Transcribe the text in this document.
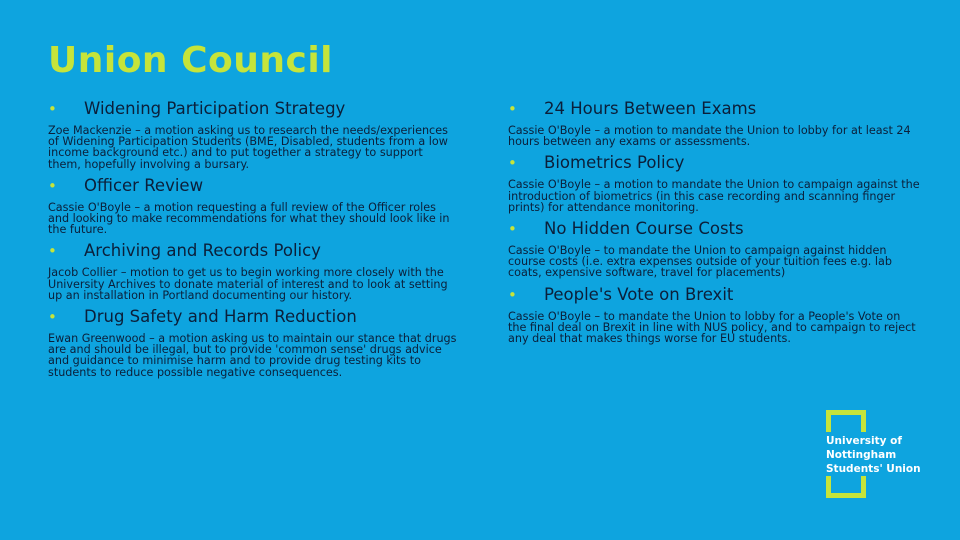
Union Council
•	Widening Participation Strategy
Zoe Mackenzie – a motion asking us to research the needs/experiences of Widening Participation Students (BME, Disabled, students from a low income background etc.) and to put together a strategy to support them, hopefully involving a bursary.
•	Officer Review
Cassie O'Boyle – a motion requesting a full review of the Officer roles and looking to make recommendations for what they should look like in the future.
•	Archiving and Records Policy
Jacob Collier – motion to get us to begin working more closely with the University Archives to donate material of interest and to look at setting up an installation in Portland documenting our history.
•	Drug Safety and Harm Reduction
Ewan Greenwood – a motion asking us to maintain our stance that drugs are and should be illegal, but to provide 'common sense' drugs advice and guidance to minimise harm and to provide drug testing kits to students to reduce possible negative consequences.
•	24 Hours Between Exams
Cassie O'Boyle – a motion to mandate the Union to lobby for at least 24 hours between any exams or assessments.
•	Biometrics Policy
Cassie O'Boyle – a motion to mandate the Union to campaign against the introduction of biometrics (in this case recording and scanning finger prints) for attendance monitoring.
•	No Hidden Course Costs
Cassie O'Boyle – to mandate the Union to campaign against hidden course costs (i.e. extra expenses outside of your tuition fees e.g. lab coats, expensive software, travel for placements)
•	People's Vote on Brexit
Cassie O'Boyle – to mandate the Union to lobby for a People's Vote on the final deal on Brexit in line with NUS policy, and to campaign to reject any deal that makes things worse for EU students.

University of
Nottingham
Students' Union
